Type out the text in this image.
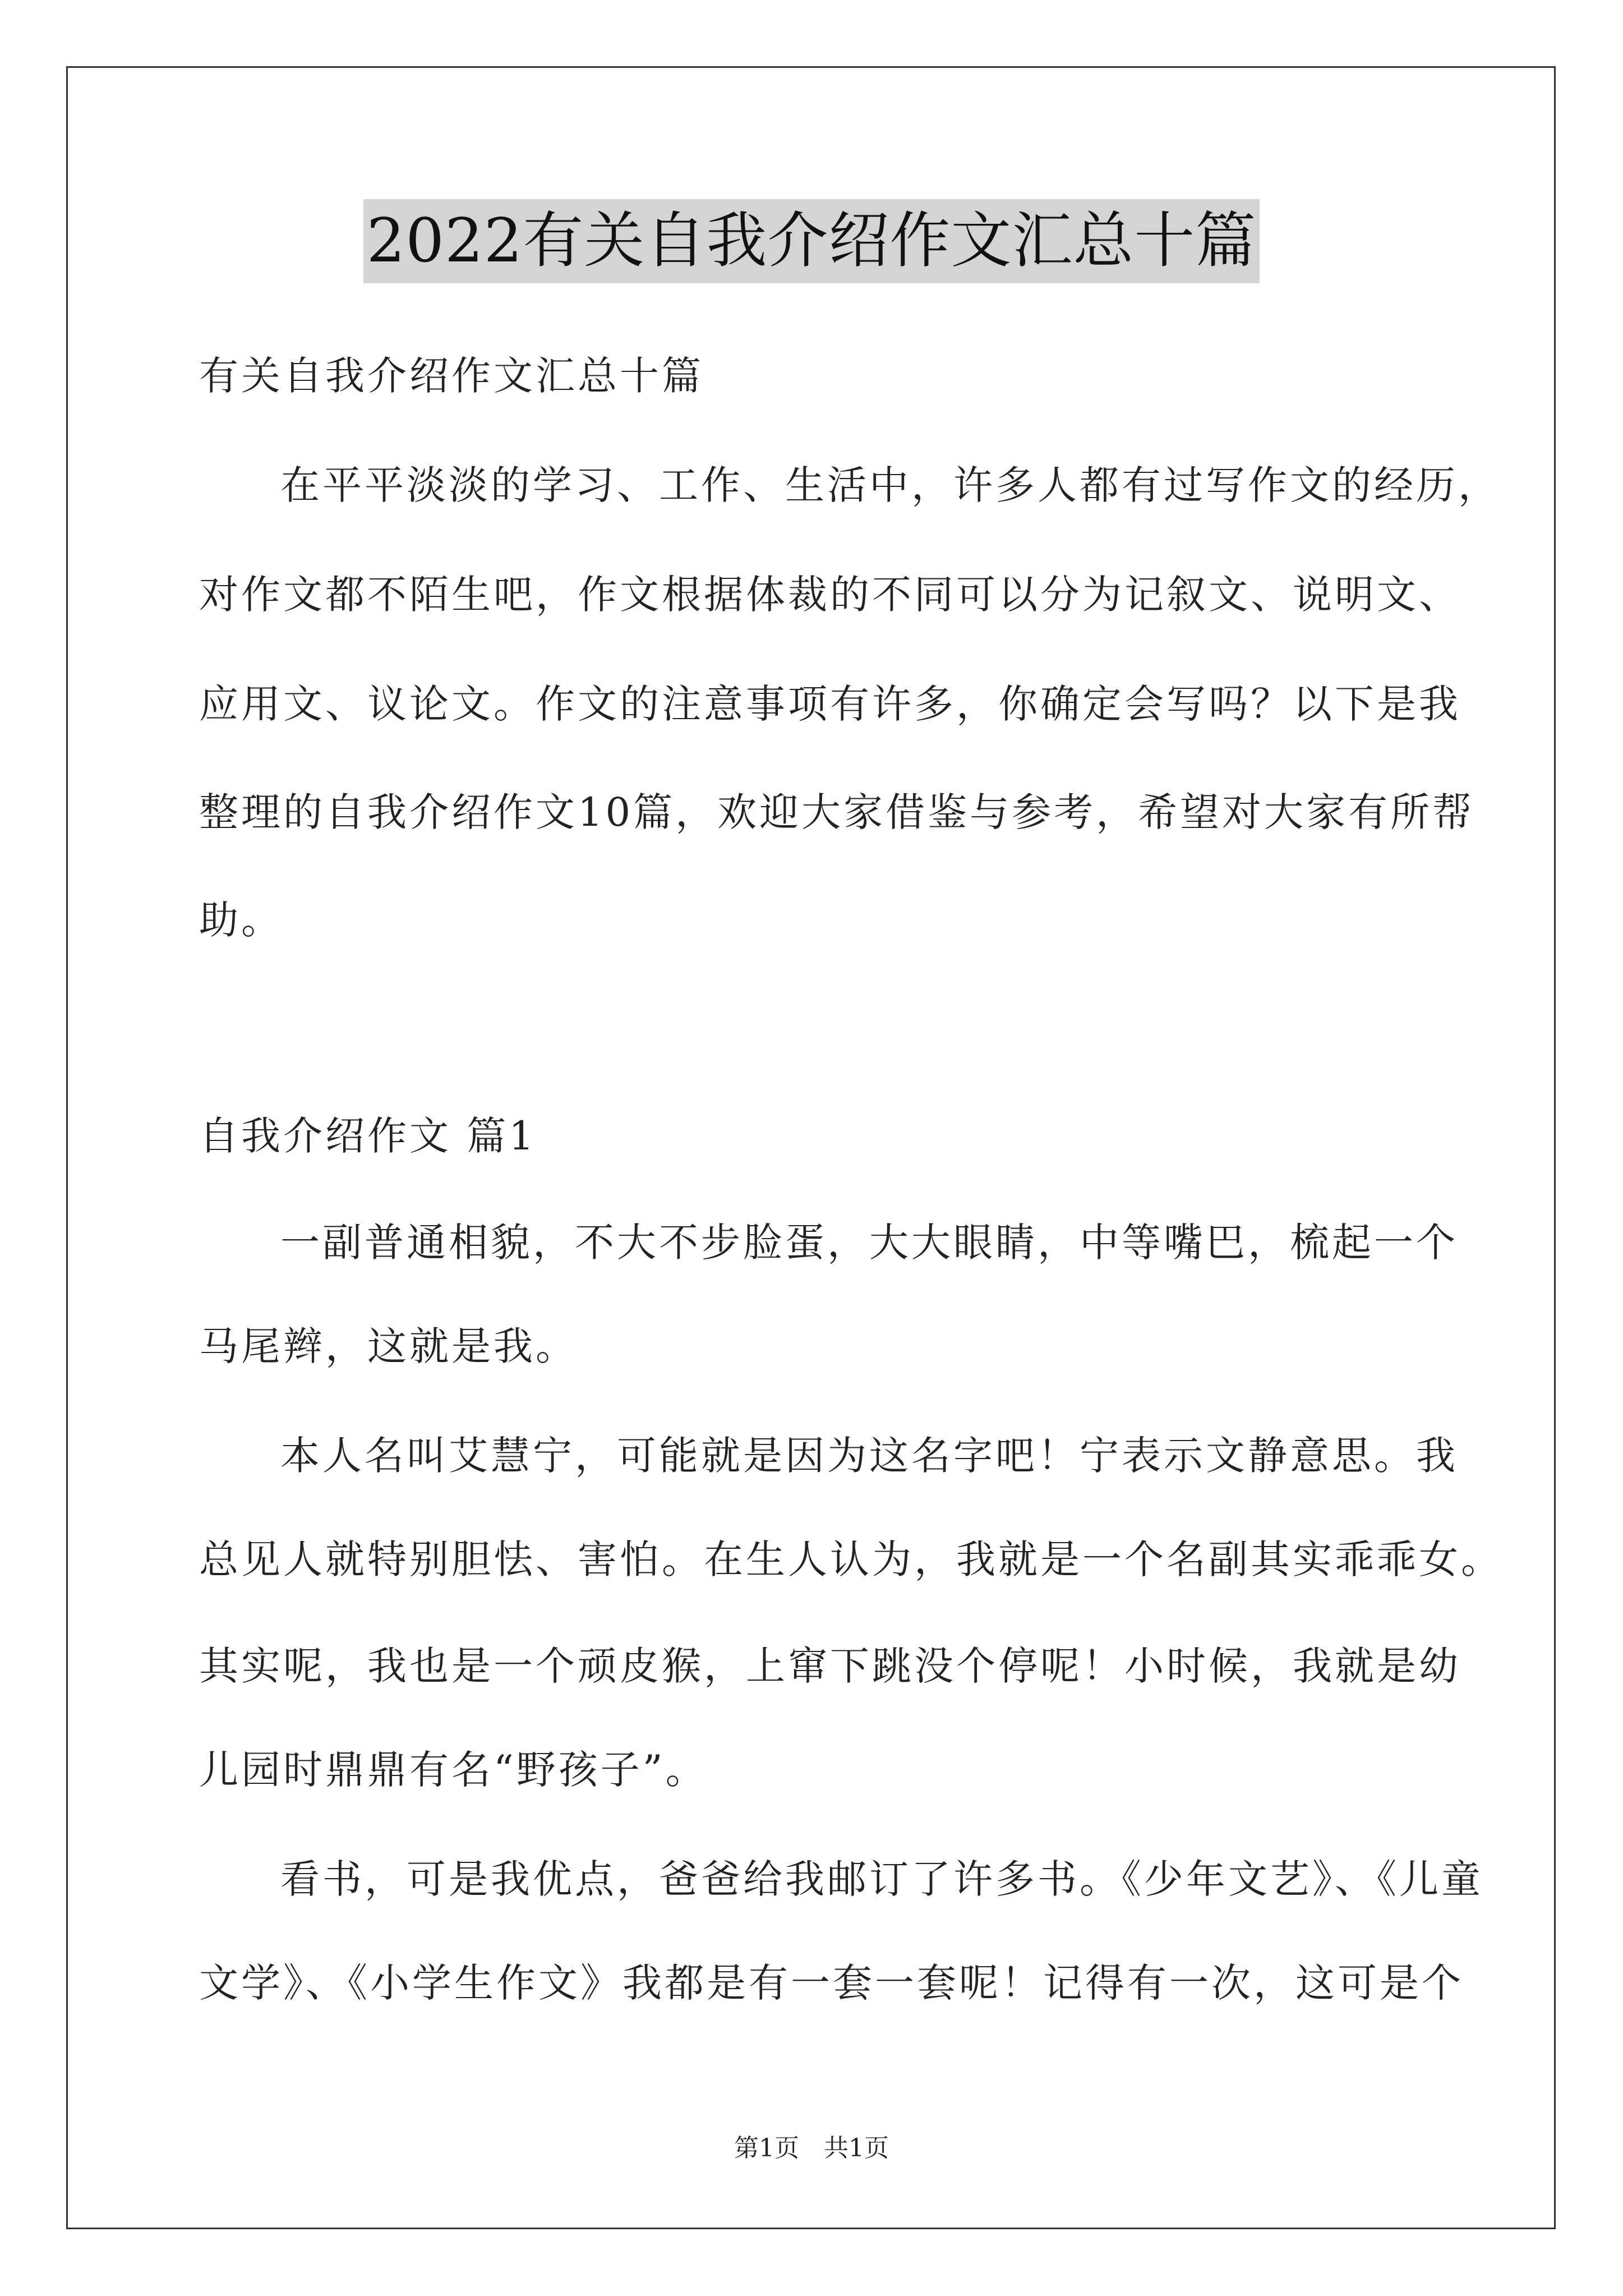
2022有关自我介绍作文汇总十篇
有关自我介绍作文汇总十篇
在平平淡淡的学习、工作、生活中，许多人都有过写作文的经历，
对作文都不陌生吧，作文根据体裁的不同可以分为记叙文、说明文、
应用文、议论文。作文的注意事项有许多，你确定会写吗？以下是我
整理的自我介绍作文10篇，欢迎大家借鉴与参考，希望对大家有所帮
助。
自我介绍作文 篇1
一副普通相貌，不大不步脸蛋，大大眼睛，中等嘴巴，梳起一个
马尾辫，这就是我。
本人名叫艾慧宁，可能就是因为这名字吧！宁表示文静意思。我
总见人就特别胆怯、害怕。在生人认为，我就是一个名副其实乖乖女。
其实呢，我也是一个顽皮猴，上窜下跳没个停呢！小时候，我就是幼
儿园时鼎鼎有名“野孩子”。
看书，可是我优点，爸爸给我邮订了许多书。《少年文艺》、《儿童
文学》、《小学生作文》我都是有一套一套呢！记得有一次，这可是个
第1页　共1页
